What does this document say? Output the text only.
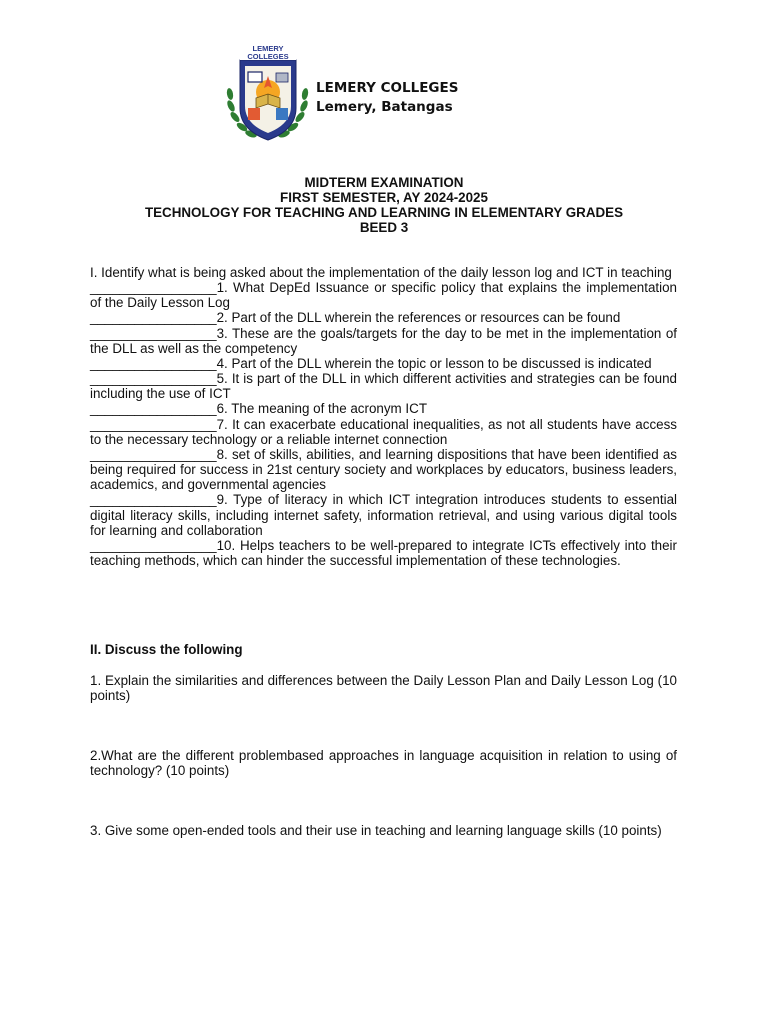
LEMERY
COLLEGES
LEMERY COLLEGES
Lemery, Batangas
MIDTERM EXAMINATION
FIRST SEMESTER, AY 2024-2025
TECHNOLOGY FOR TEACHING AND LEARNING IN ELEMENTARY GRADES
BEED 3

I. Identify what is being asked about the implementation of the daily lesson log and ICT in teaching

_________________1. What DepEd Issuance or specific policy that explains the implementation of the Daily Lesson Log

_________________2. Part of the DLL wherein the references or resources can be found

_________________3. These are the goals/targets for the day to be met in the implementation of the DLL as well as the competency

_________________4. Part of the DLL wherein the topic or lesson to be discussed is indicated

_________________5. It is part of the DLL in which different activities and strategies can be found including the use of ICT

_________________6. The meaning of the acronym ICT

_________________7. It can exacerbate educational inequalities, as not all students have access to the necessary technology or a reliable internet connection

_________________8. set of skills, abilities, and learning dispositions that have been identified as being required for success in 21st century society and workplaces by educators, business leaders, academics, and governmental agencies

_________________9. Type of literacy in which ICT integration introduces students to essential digital literacy skills, including internet safety, information retrieval, and using various digital tools for learning and collaboration

_________________10. Helps teachers to be well-prepared to integrate ICTs effectively into their teaching methods, which can hinder the successful implementation of these technologies.

II. Discuss the following

1. Explain the similarities and differences between the Daily Lesson Plan and Daily Lesson Log (10 points)

2.What are the different problembased approaches in language acquisition in relation to using of technology? (10 points)

3. Give some open-ended tools and their use in teaching and learning language skills (10 points)
